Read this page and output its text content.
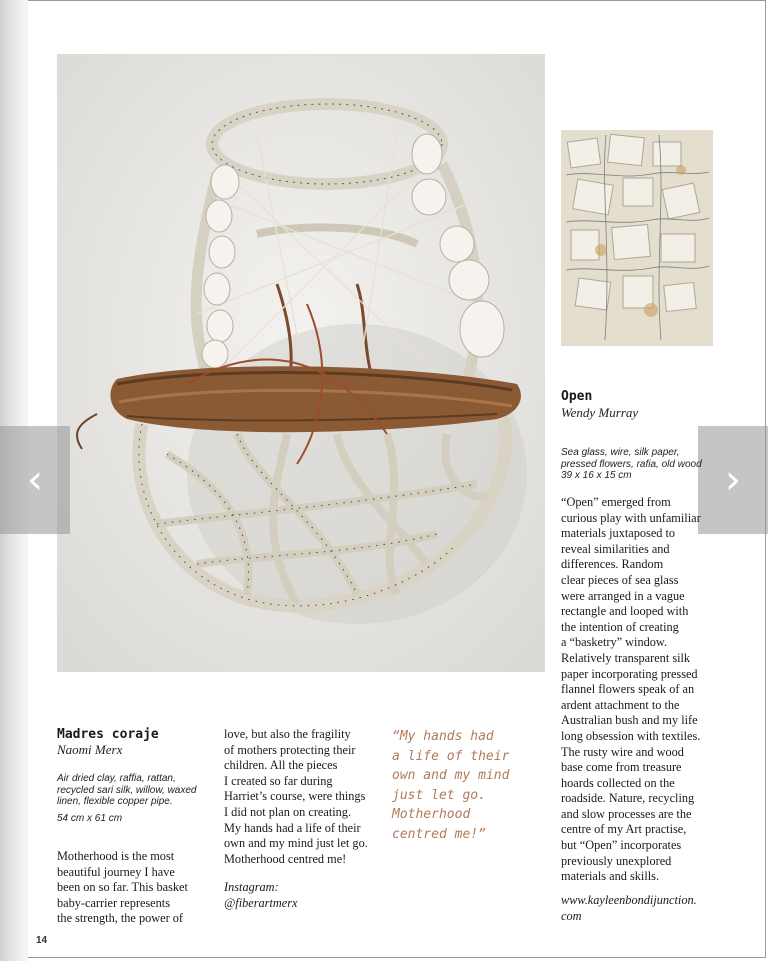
‹	›
Open
Wendy Murray
Sea glass, wire, silk paper, pressed flowers, rafia, old wood
39 x 16 x 15 cm

“Open” emerged from

curious play with unfamiliar

materials juxtaposed to

reveal similarities and

differences. Random

clear pieces of sea glass

were arranged in a vague

rectangle and looped with

the intention of creating

a “basketry” window.

Relatively transparent silk

paper incorporating pressed

flannel flowers speak of an

ardent attachment to the

Australian bush and my life

long obsession with textiles.

The rusty wire and wood

base come from treasure

hoards collected on the

roadside. Nature, recycling

and slow processes are the

centre of my Art practise,

but “Open” incorporates

previously unexplored

materials and skills.

www.kayleenbondijunction.
com
Madres coraje
Naomi Merx
Air dried clay, raffia, rattan, recycled sari silk, willow, waxed linen, flexible copper pipe.
54 cm x 61 cm

Motherhood is the most

beautiful journey I have

been on so far. This basket

baby-carrier represents

the strength, the power of

love, but also the fragility

of mothers protecting their

children. All the pieces

I created so far during

Harriet’s course, were things

I did not plan on creating.

My hands had a life of their

own and my mind just let go.

Motherhood centred me!

Instagram:
@fiberartmerx
“My hands had
a life of their
own and my mind
just let go.
Motherhood
centred me!”
14
